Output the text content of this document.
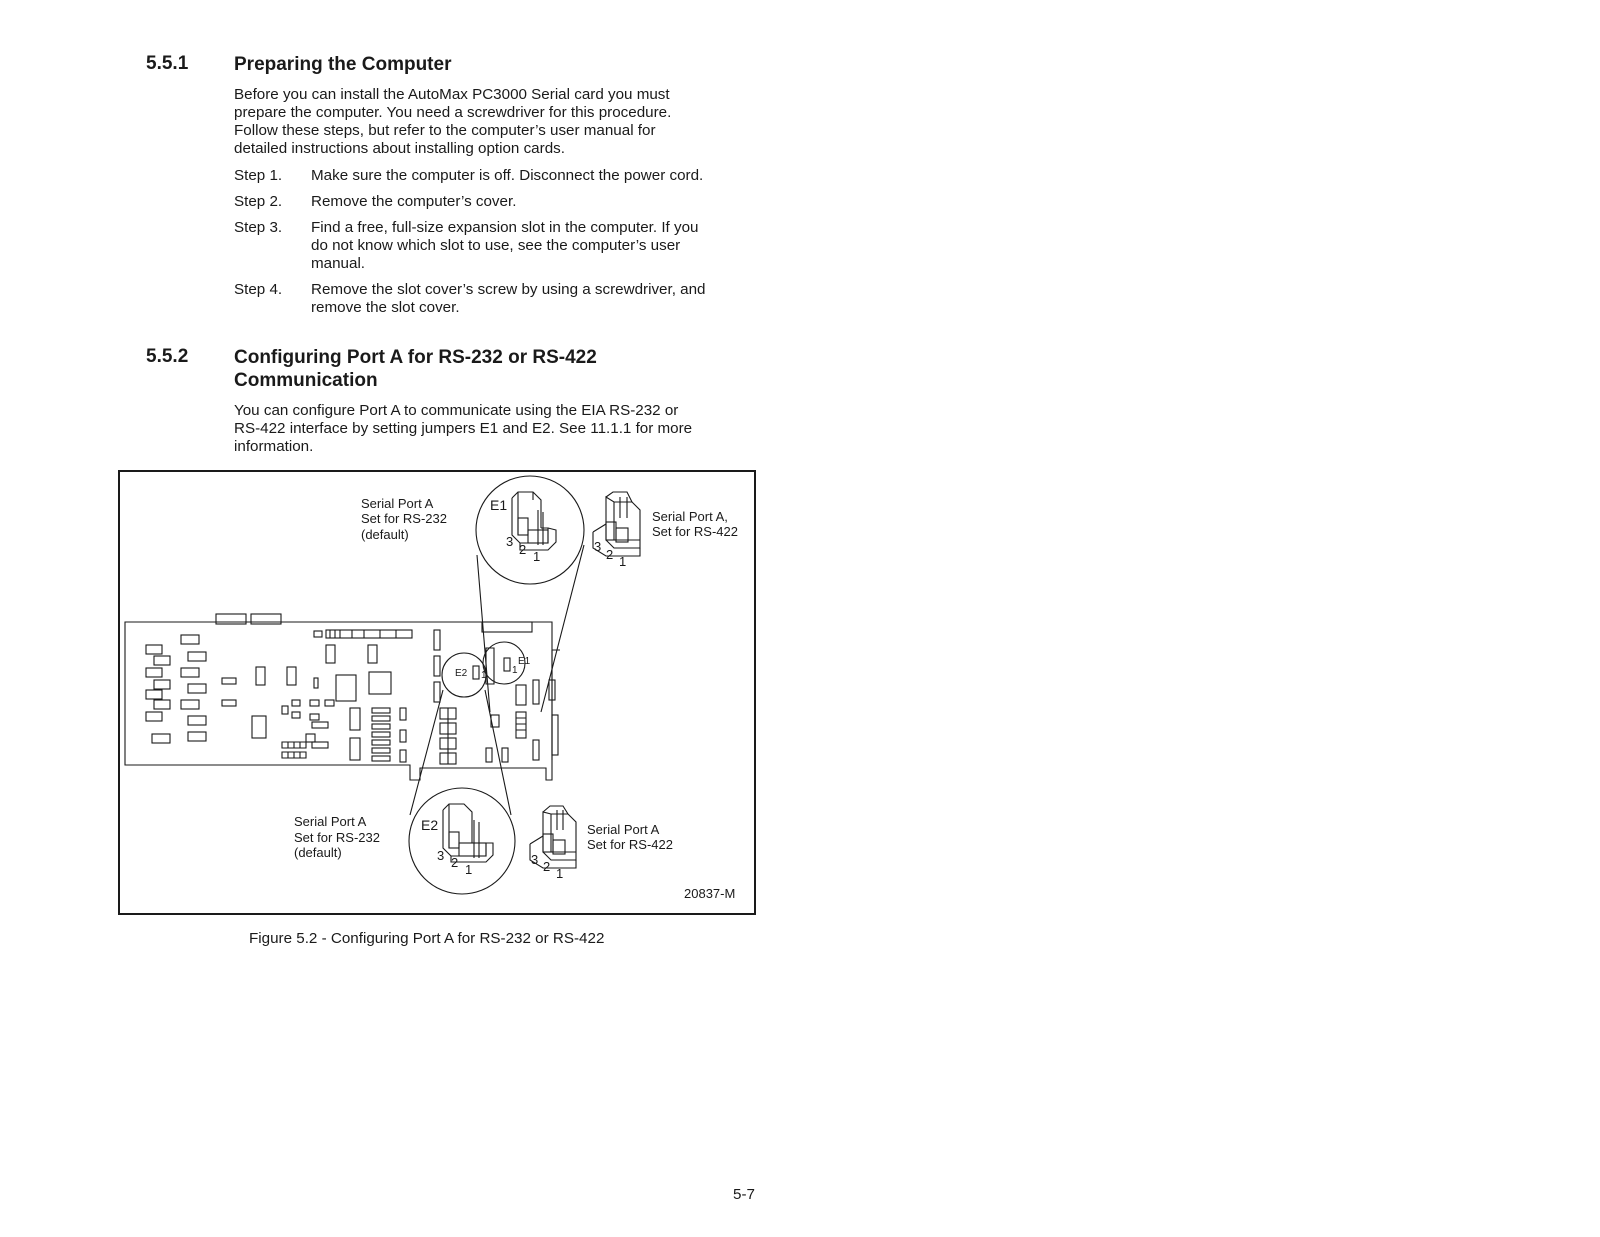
5.5.1 Preparing the Computer
Before you can install the AutoMax PC3000 Serial card you must
prepare the computer. You need a screwdriver for this procedure.
Follow these steps, but refer to the computer’s user manual for
detailed instructions about installing option cards.
Step 1. Make sure the computer is off. Disconnect the power cord.
Step 2. Remove the computer’s cover.
Step 3. Find a free, full-size expansion slot in the computer. If you
do not know which slot to use, see the computer’s user
manual.
Step 4. Remove the slot cover’s screw by using a screwdriver, and
remove the slot cover.
5.5.2 Configuring Port A for RS-232 or RS-422
Communication
You can configure Port A to communicate using the EIA RS-232 or
RS-422 interface by setting jumpers E1 and E2. See 11.1.1 for more
information.
Serial Port A
Set for RS-232
(default)
Serial Port A,
Set for RS-422
E1
3
2 1
3
2 1
E2 1	1
E1
Serial Port A
Set for RS-232
(default)
Serial Port A
Set for RS-422
E2
3 2 1
3 2 1
20837-M
Figure 5.2 - Configuring Port A for RS-232 or RS-422
5-7
